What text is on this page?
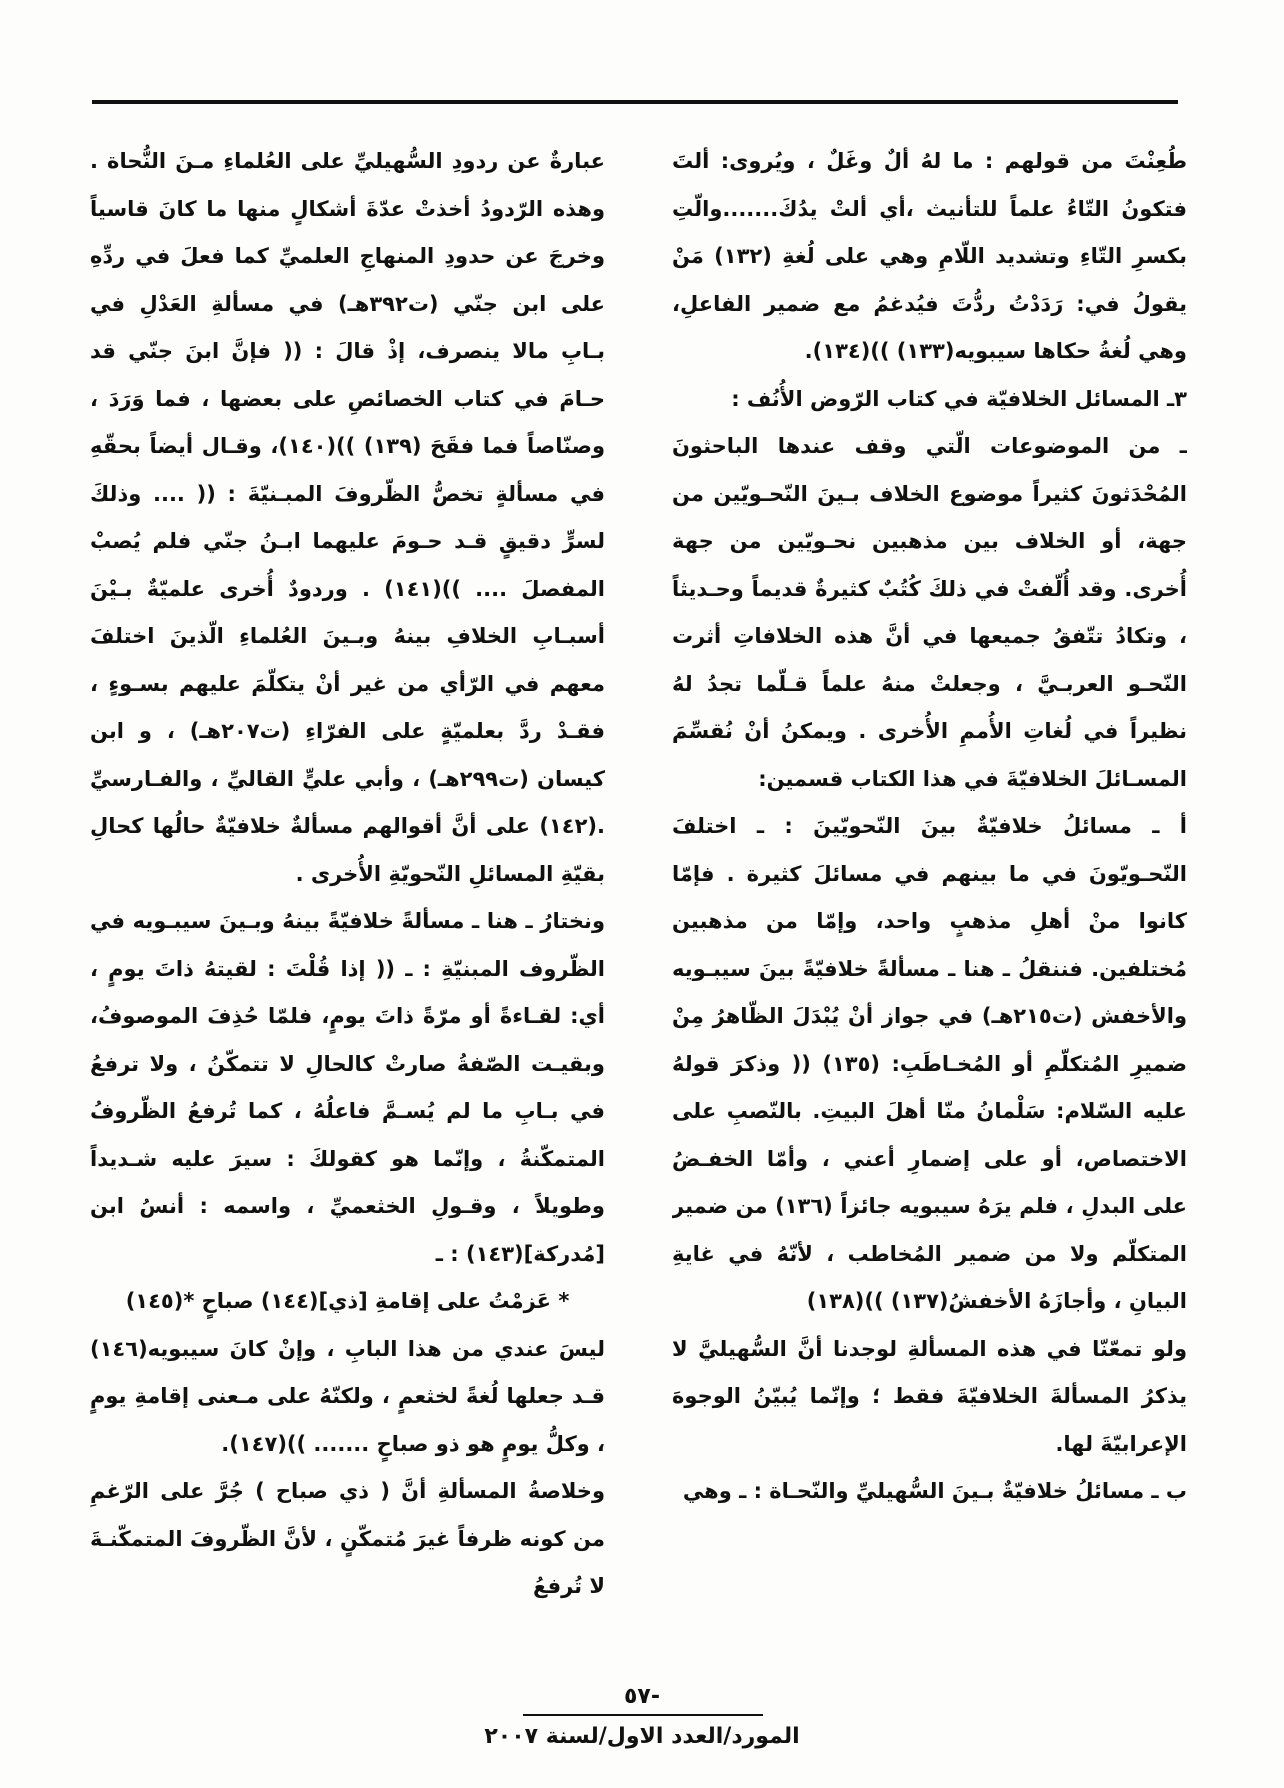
طُعِنْتَ من قولهم : ما لهُ ألٌ وغَلٌ ، ويُروى: ألتَ فتكونُ التّاءُ علماً للتأنيث ،أي ألتْ يدُكَ.......والّتِ بكسرِ التّاءِ وتشديد اللّامِ وهي على لُغةِ (١٣٢) مَنْ يقولُ في: رَدَدْتُ ردُّتَ فيُدغمُ مع ضمير الفاعلِ، وهي لُغةُ حكاها سيبويه(١٣٣) ))(١٣٤).

٣ـ المسائل الخلافيّة في كتاب الرّوض الأُنُف :

ـ من الموضوعات الّتي وقف عندها الباحثونَ المُحْدَثونَ كثيراً موضوع الخلاف بـينَ النّحـويّين من جهة، أو الخلاف بين مذهبين نحـويّين من جهة أُخرى. وقد أُلّفتْ في ذلكَ كُتُبٌ كثيرةٌ قديماً وحـديثاً ، وتكادُ تتّفقُ جميعها في أنَّ هذه الخلافاتِ أثرت النّحـو العربـيَّ ، وجعلتْ منهُ علماً قـلّما تجدُ لهُ نظيراً في لُغاتِ الأُممِ الأُخرى . ويمكنُ أنْ نُقسِّمَ المسـائلَ الخلافيّةَ في هذا الكتاب قسمين:

أ ـ مسائلُ خلافيّةٌ بينَ النّحويّينَ : ـ اختلفَ النّحـويّونَ في ما بينهم في مسائلَ كثيرة . فإمّا كانوا منْ أهلِ مذهبٍ واحد، وإمّا من مذهبين مُختلفين. فننقلُ ـ هنا ـ مسألةً خلافيّةً بينَ سيبـويه والأخفش (ت٢١٥هـ) في جواز أنْ يُبْدَلَ الظّاهرُ مِنْ ضميرِ المُتكلّمِ أو المُخـاطَبِ: (١٣٥) (( وذكرَ قولهُ عليه السّلام: سَلْمانُ منّا أهلَ البيتِ. بالنّصبِ على الاختصاص، أو على إضمارِ أعني ، وأمّا الخفـضُ على البدلِ ، فلم يرَهُ سيبويه جائزاً (١٣٦) من ضمير المتكلّم ولا من ضمير المُخاطب ، لأنّهُ في غايةِ البيانِ ، وأجازَهُ الأخفشُ(١٣٧) ))(١٣٨)

ولو تمعّنّا في هذه المسألةِ لوجدنا أنَّ السُّهيليَّ لا يذكرُ المسألةَ الخلافيّةَ فقط ؛ وإنّما يُبيّنُ الوجوهَ الإعرابيّةَ لها.

ب ـ مسائلُ خلافيّةٌ بـينَ السُّهيليِّ والنّحـاة : ـ وهي

عبارةٌ عن ردودِ السُّهيليِّ على العُلماءِ مـنَ النُّحاة . وهذه الرّدودُ أخذتْ عدّةَ أشكالٍ منها ما كانَ قاسياً وخرجَ عن حدودِ المنهاجِ العلميِّ كما فعلَ في ردِّهِ على ابن جنّي (ت٣٩٢هـ) في مسألةِ العَدْلِ في بـابِ مالا ينصرف، إذْ قالَ : (( فإنَّ ابنَ جنّي قد حـامَ في كتاب الخصائصِ على بعضها ، فما وَرَدَ ، وصنّاصاً فما فقَحَ (١٣٩) ))(١٤٠)، وقـال أيضاً بحقّهِ في مسألةٍ تخصُّ الظّروفَ المبـنيّةَ : (( .... وذلكَ لسرٍّ دقيقٍ قـد حـومَ عليهما ابـنُ جنّي فلم يُصبْ المفصلَ .... ))(١٤١) . وردودٌ أُخرى علميّةٌ بـيْنَ أسبـابِ الخلافِ بينهُ وبـينَ العُلماءِ الّذينَ اختلفَ معهم في الرّأي من غير أنْ يتكلّمَ عليهم بسـوءٍ ، فقـدْ ردَّ بعلميّةٍ على الفرّاءِ (ت٢٠٧هـ) ، و ابن كيسان (ت٢٩٩هـ) ، وأبي عليٍّ القاليِّ ، والفـارسيِّ .(١٤٢) على أنَّ أقوالهم مسألةٌ خلافيّةٌ حالُها كحالِ بقيّةِ المسائلِ النّحويّةِ الأُخرى .

ونختارُ ـ هنا ـ مسألةً خلافيّةً بينهُ وبـينَ سيبـويه في الظّروف المبنيّةِ : ـ (( إذا قُلْتَ : لقيتهُ ذاتَ يومٍ ، أي: لقـاءةً أو مرّةً ذاتَ يومٍ، فلمّا حُذِفَ الموصوفُ، وبقيـت الصّفةُ صارتْ كالحالِ لا تتمكّنُ ، ولا ترفعُ في بـابِ ما لم يُسـمَّ فاعلُهُ ، كما تُرفعُ الظّروفُ المتمكّنةُ ، وإنّما هو كقولكَ : سيرَ عليه شـديداً وطويلاً ، وقـولِ الخثعميِّ ، واسمه : أنسُ ابن [مُدركة](١٤٣) : ـ

* عَزمْتُ على إقامةِ [ذي](١٤٤) صباحٍ *(١٤٥)

ليسَ عندي من هذا البابِ ، وإنْ كانَ سيبويه(١٤٦) قـد جعلها لُغةً لخثعمٍ ، ولكنّهُ على مـعنى إقامةِ يومٍ ، وكلُّ يومٍ هو ذو صباحٍ ....... ))(١٤٧).

وخلاصةُ المسألةِ أنَّ ( ذي صباح ) جُرَّ على الرّغمِ من كونه ظرفاً غيرَ مُتمكّنٍ ، لأنَّ الظّروفَ المتمكّنـةَ لا تُرفعُ

-٥٧
المورد/العدد الاول/لسنة ٢٠٠٧
